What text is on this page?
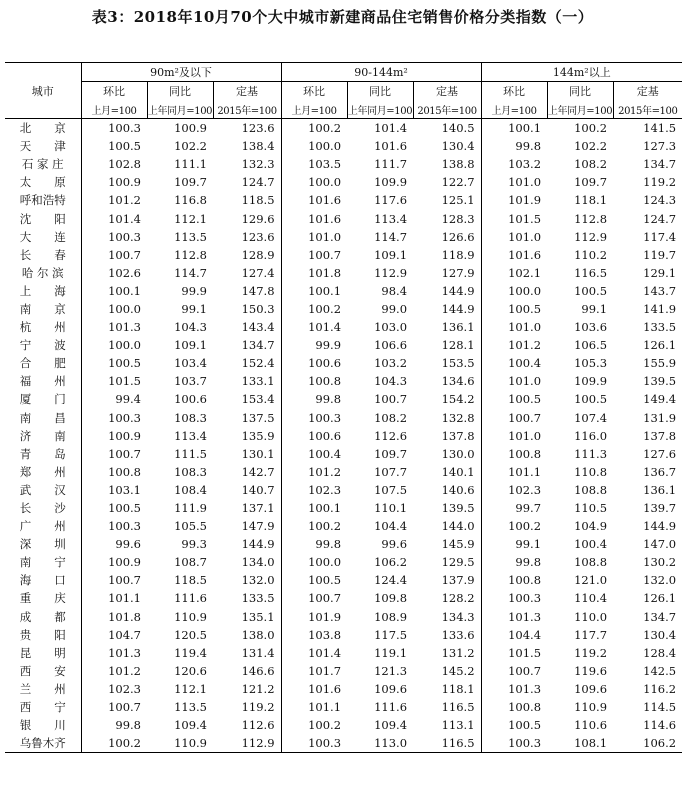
表3：2018年10月70个大中城市新建商品住宅销售价格分类指数（一）
城市	90m²及以下			90-144m²			144m²以上		
	环比	同比	定基	环比	同比	定基	环比	同比	定基
	上月=100	上年同月=100	2015年=100	上月=100	上年同月=100	2015年=100	上月=100	上年同月=100	2015年=100
北　　京	100.3	100.9	123.6	100.2	101.4	140.5	100.1	100.2	141.5
天　　津	100.5	102.2	138.4	100.0	101.6	130.4	99.8	102.2	127.3
石 家 庄	102.8	111.1	132.3	103.5	111.7	138.8	103.2	108.2	134.7
太　　原	100.9	109.7	124.7	100.0	109.9	122.7	101.0	109.7	119.2
呼和浩特	101.2	116.8	118.5	101.6	117.6	125.1	101.9	118.1	124.3
沈　　阳	101.4	112.1	129.6	101.6	113.4	128.3	101.5	112.8	124.7
大　　连	100.3	113.5	123.6	101.0	114.7	126.6	101.0	112.9	117.4
长　　春	100.7	112.8	128.9	100.7	109.1	118.9	101.6	110.2	119.7
哈 尔 滨	102.6	114.7	127.4	101.8	112.9	127.9	102.1	116.5	129.1
上　　海	100.1	99.9	147.8	100.1	98.4	144.9	100.0	100.5	143.7
南　　京	100.0	99.1	150.3	100.2	99.0	144.9	100.5	99.1	141.9
杭　　州	101.3	104.3	143.4	101.4	103.0	136.1	101.0	103.6	133.5
宁　　波	100.0	109.1	134.7	99.9	106.6	128.1	101.2	106.5	126.1
合　　肥	100.5	103.4	152.4	100.6	103.2	153.5	100.4	105.3	155.9
福　　州	101.5	103.7	133.1	100.8	104.3	134.6	101.0	109.9	139.5
厦　　门	99.4	100.6	153.4	99.8	100.7	154.2	100.5	100.5	149.4
南　　昌	100.3	108.3	137.5	100.3	108.2	132.8	100.7	107.4	131.9
济　　南	100.9	113.4	135.9	100.6	112.6	137.8	101.0	116.0	137.8
青　　岛	100.7	111.5	130.1	100.4	109.7	130.0	100.8	111.3	127.6
郑　　州	100.8	108.3	142.7	101.2	107.7	140.1	101.1	110.8	136.7
武　　汉	103.1	108.4	140.7	102.3	107.5	140.6	102.3	108.8	136.1
长　　沙	100.5	111.9	137.1	100.1	110.1	139.5	99.7	110.5	139.7
广　　州	100.3	105.5	147.9	100.2	104.4	144.0	100.2	104.9	144.9
深　　圳	99.6	99.3	144.9	99.8	99.6	145.9	99.1	100.4	147.0
南　　宁	100.9	108.7	134.0	100.0	106.2	129.5	99.8	108.8	130.2
海　　口	100.7	118.5	132.0	100.5	124.4	137.9	100.8	121.0	132.0
重　　庆	101.1	111.6	133.5	100.7	109.8	128.2	100.3	110.4	126.1
成　　都	101.8	110.9	135.1	101.9	108.9	134.3	101.3	110.0	134.7
贵　　阳	104.7	120.5	138.0	103.8	117.5	133.6	104.4	117.7	130.4
昆　　明	101.3	119.4	131.4	101.4	119.1	131.2	101.5	119.2	128.4
西　　安	101.2	120.6	146.6	101.7	121.3	145.2	100.7	119.6	142.5
兰　　州	102.3	112.1	121.2	101.6	109.6	118.1	101.3	109.6	116.2
西　　宁	100.7	113.5	119.2	101.1	111.6	116.5	100.8	110.9	114.5
银　　川	99.8	109.4	112.6	100.2	109.4	113.1	100.5	110.6	114.6
乌鲁木齐	100.2	110.9	112.9	100.3	113.0	116.5	100.3	108.1	106.2
